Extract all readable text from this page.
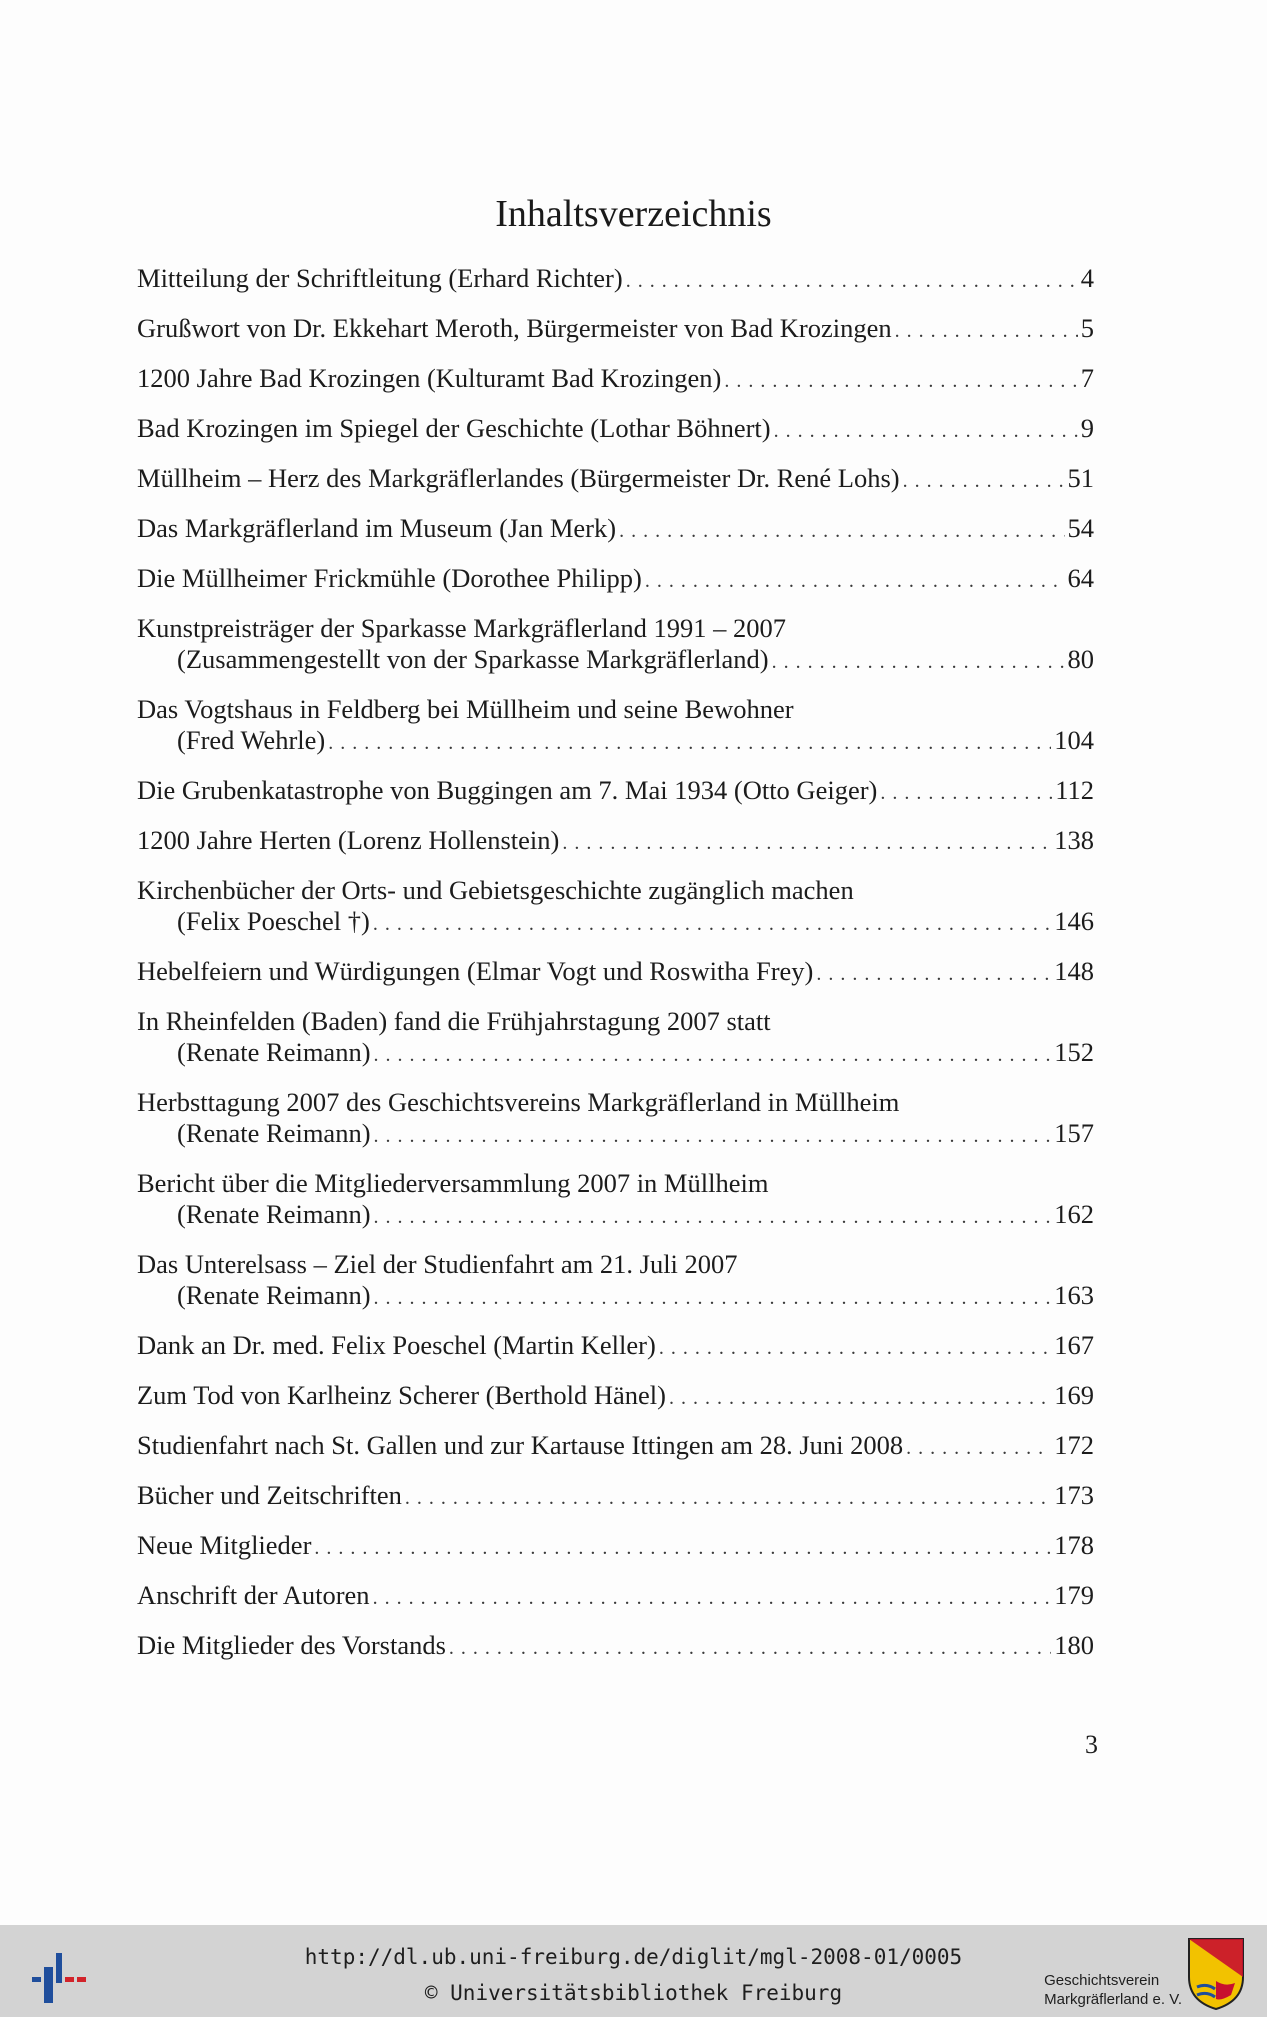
Inhaltsverzeichnis
Mitteilung der Schriftleitung (Erhard Richter) . . .	4
Grußwort von Dr. Ekkehart Meroth, Bürgermeister von Bad Krozingen . . .	5
1200 Jahre Bad Krozingen (Kulturamt Bad Krozingen) . . .	7
Bad Krozingen im Spiegel der Geschichte (Lothar Böhnert) . . .	9
Müllheim – Herz des Markgräflerlandes (Bürgermeister Dr. René Lohs) . . .	51
Das Markgräflerland im Museum (Jan Merk) . . .	54
Die Müllheimer Frickmühle (Dorothee Philipp) . . .	64
Kunstpreisträger der Sparkasse Markgräflerland 1991 – 2007
(Zusammengestellt von der Sparkasse Markgräflerland) . . .	80
Das Vogtshaus in Feldberg bei Müllheim und seine Bewohner
(Fred Wehrle) . . .	104
Die Grubenkatastrophe von Buggingen am 7. Mai 1934 (Otto Geiger) . . .	112
1200 Jahre Herten (Lorenz Hollenstein) . . .	138
Kirchenbücher der Orts- und Gebietsgeschichte zugänglich machen
(Felix Poeschel †) . . .	146
Hebelfeiern und Würdigungen (Elmar Vogt und Roswitha Frey) . . .	148
In Rheinfelden (Baden) fand die Frühjahrstagung 2007 statt
(Renate Reimann) . . .	152
Herbsttagung 2007 des Geschichtsvereins Markgräflerland in Müllheim
(Renate Reimann) . . .	157
Bericht über die Mitgliederversammlung 2007 in Müllheim
(Renate Reimann) . . .	162
Das Unterelsass – Ziel der Studienfahrt am 21. Juli 2007
(Renate Reimann) . . .	163
Dank an Dr. med. Felix Poeschel (Martin Keller) . . .	167
Zum Tod von Karlheinz Scherer (Berthold Hänel) . . .	169
Studienfahrt nach St. Gallen und zur Kartause Ittingen am 28. Juni 2008 . . .	172
Bücher und Zeitschriften . . .	173
Neue Mitglieder . . .	178
Anschrift der Autoren . . .	179
Die Mitglieder des Vorstands . . .	180
3
http://dl.ub.uni-freiburg.de/diglit/mgl-2008-01/0005
© Universitätsbibliothek Freiburg
Geschichtsverein
Markgräflerland e. V.
